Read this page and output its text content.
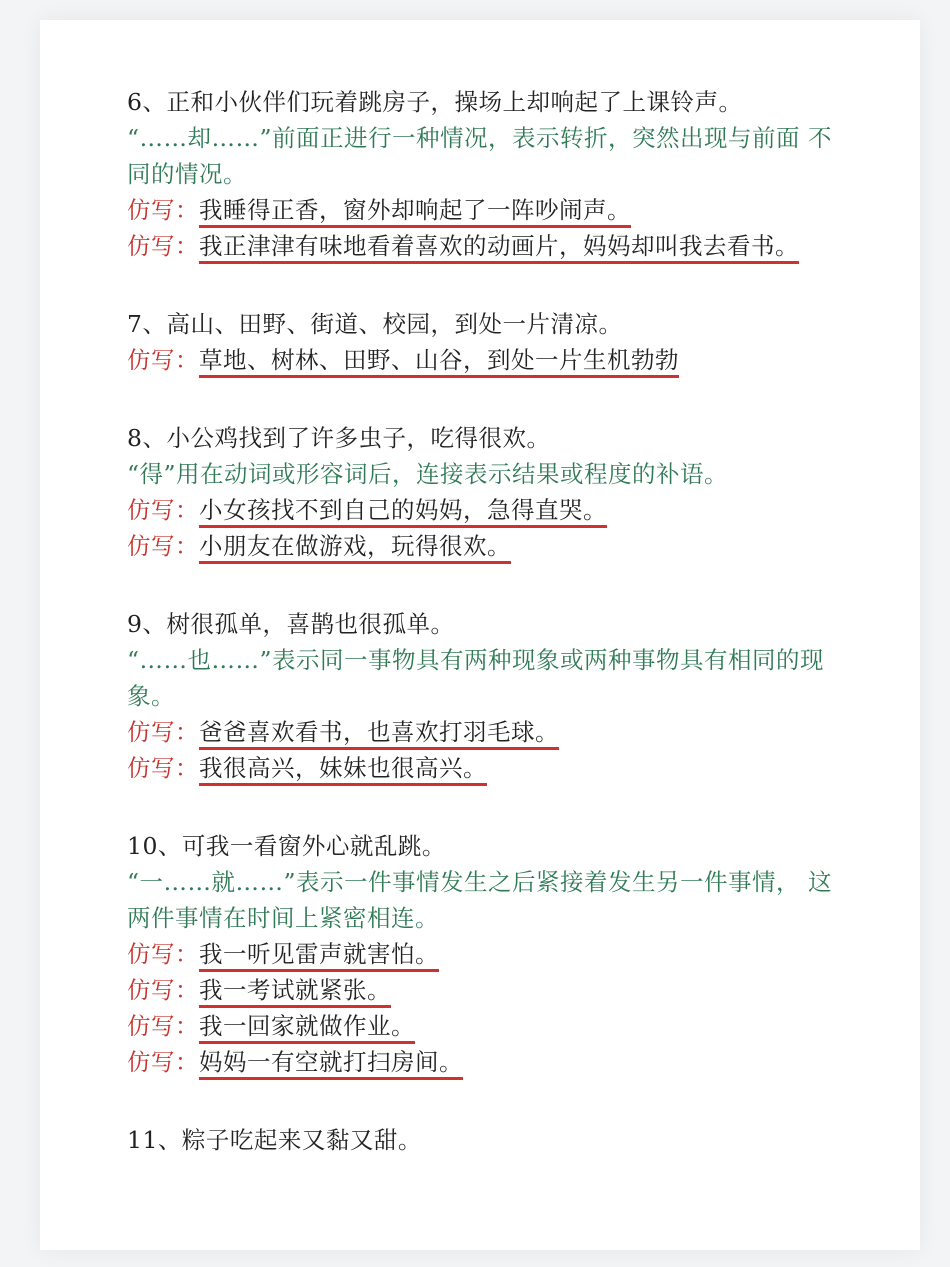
6、正和小伙伴们玩着跳房子，操场上却响起了上课铃声。
“……却……”前面正进行一种情况，表示转折，突然出现与前面 不同的情况。
仿写：我睡得正香，窗外却响起了一阵吵闹声。
仿写：我正津津有味地看着喜欢的动画片，妈妈却叫我去看书。
7、高山、田野、街道、校园，到处一片清凉。
仿写：草地、树林、田野、山谷，到处一片生机勃勃
8、小公鸡找到了许多虫子，吃得很欢。
“得”用在动词或形容词后，连接表示结果或程度的补语。
仿写：小女孩找不到自己的妈妈，急得直哭。
仿写：小朋友在做游戏，玩得很欢。
9、树很孤单，喜鹊也很孤单。
“……也……”表示同一事物具有两种现象或两种事物具有相同的现象。
仿写：爸爸喜欢看书，也喜欢打羽毛球。
仿写：我很高兴，妹妹也很高兴。
10、可我一看窗外心就乱跳。
“一……就……”表示一件事情发生之后紧接着发生另一件事情， 这两件事情在时间上紧密相连。
仿写：我一听见雷声就害怕。
仿写：我一考试就紧张。
仿写：我一回家就做作业。
仿写：妈妈一有空就打扫房间。
11、粽子吃起来又黏又甜。
